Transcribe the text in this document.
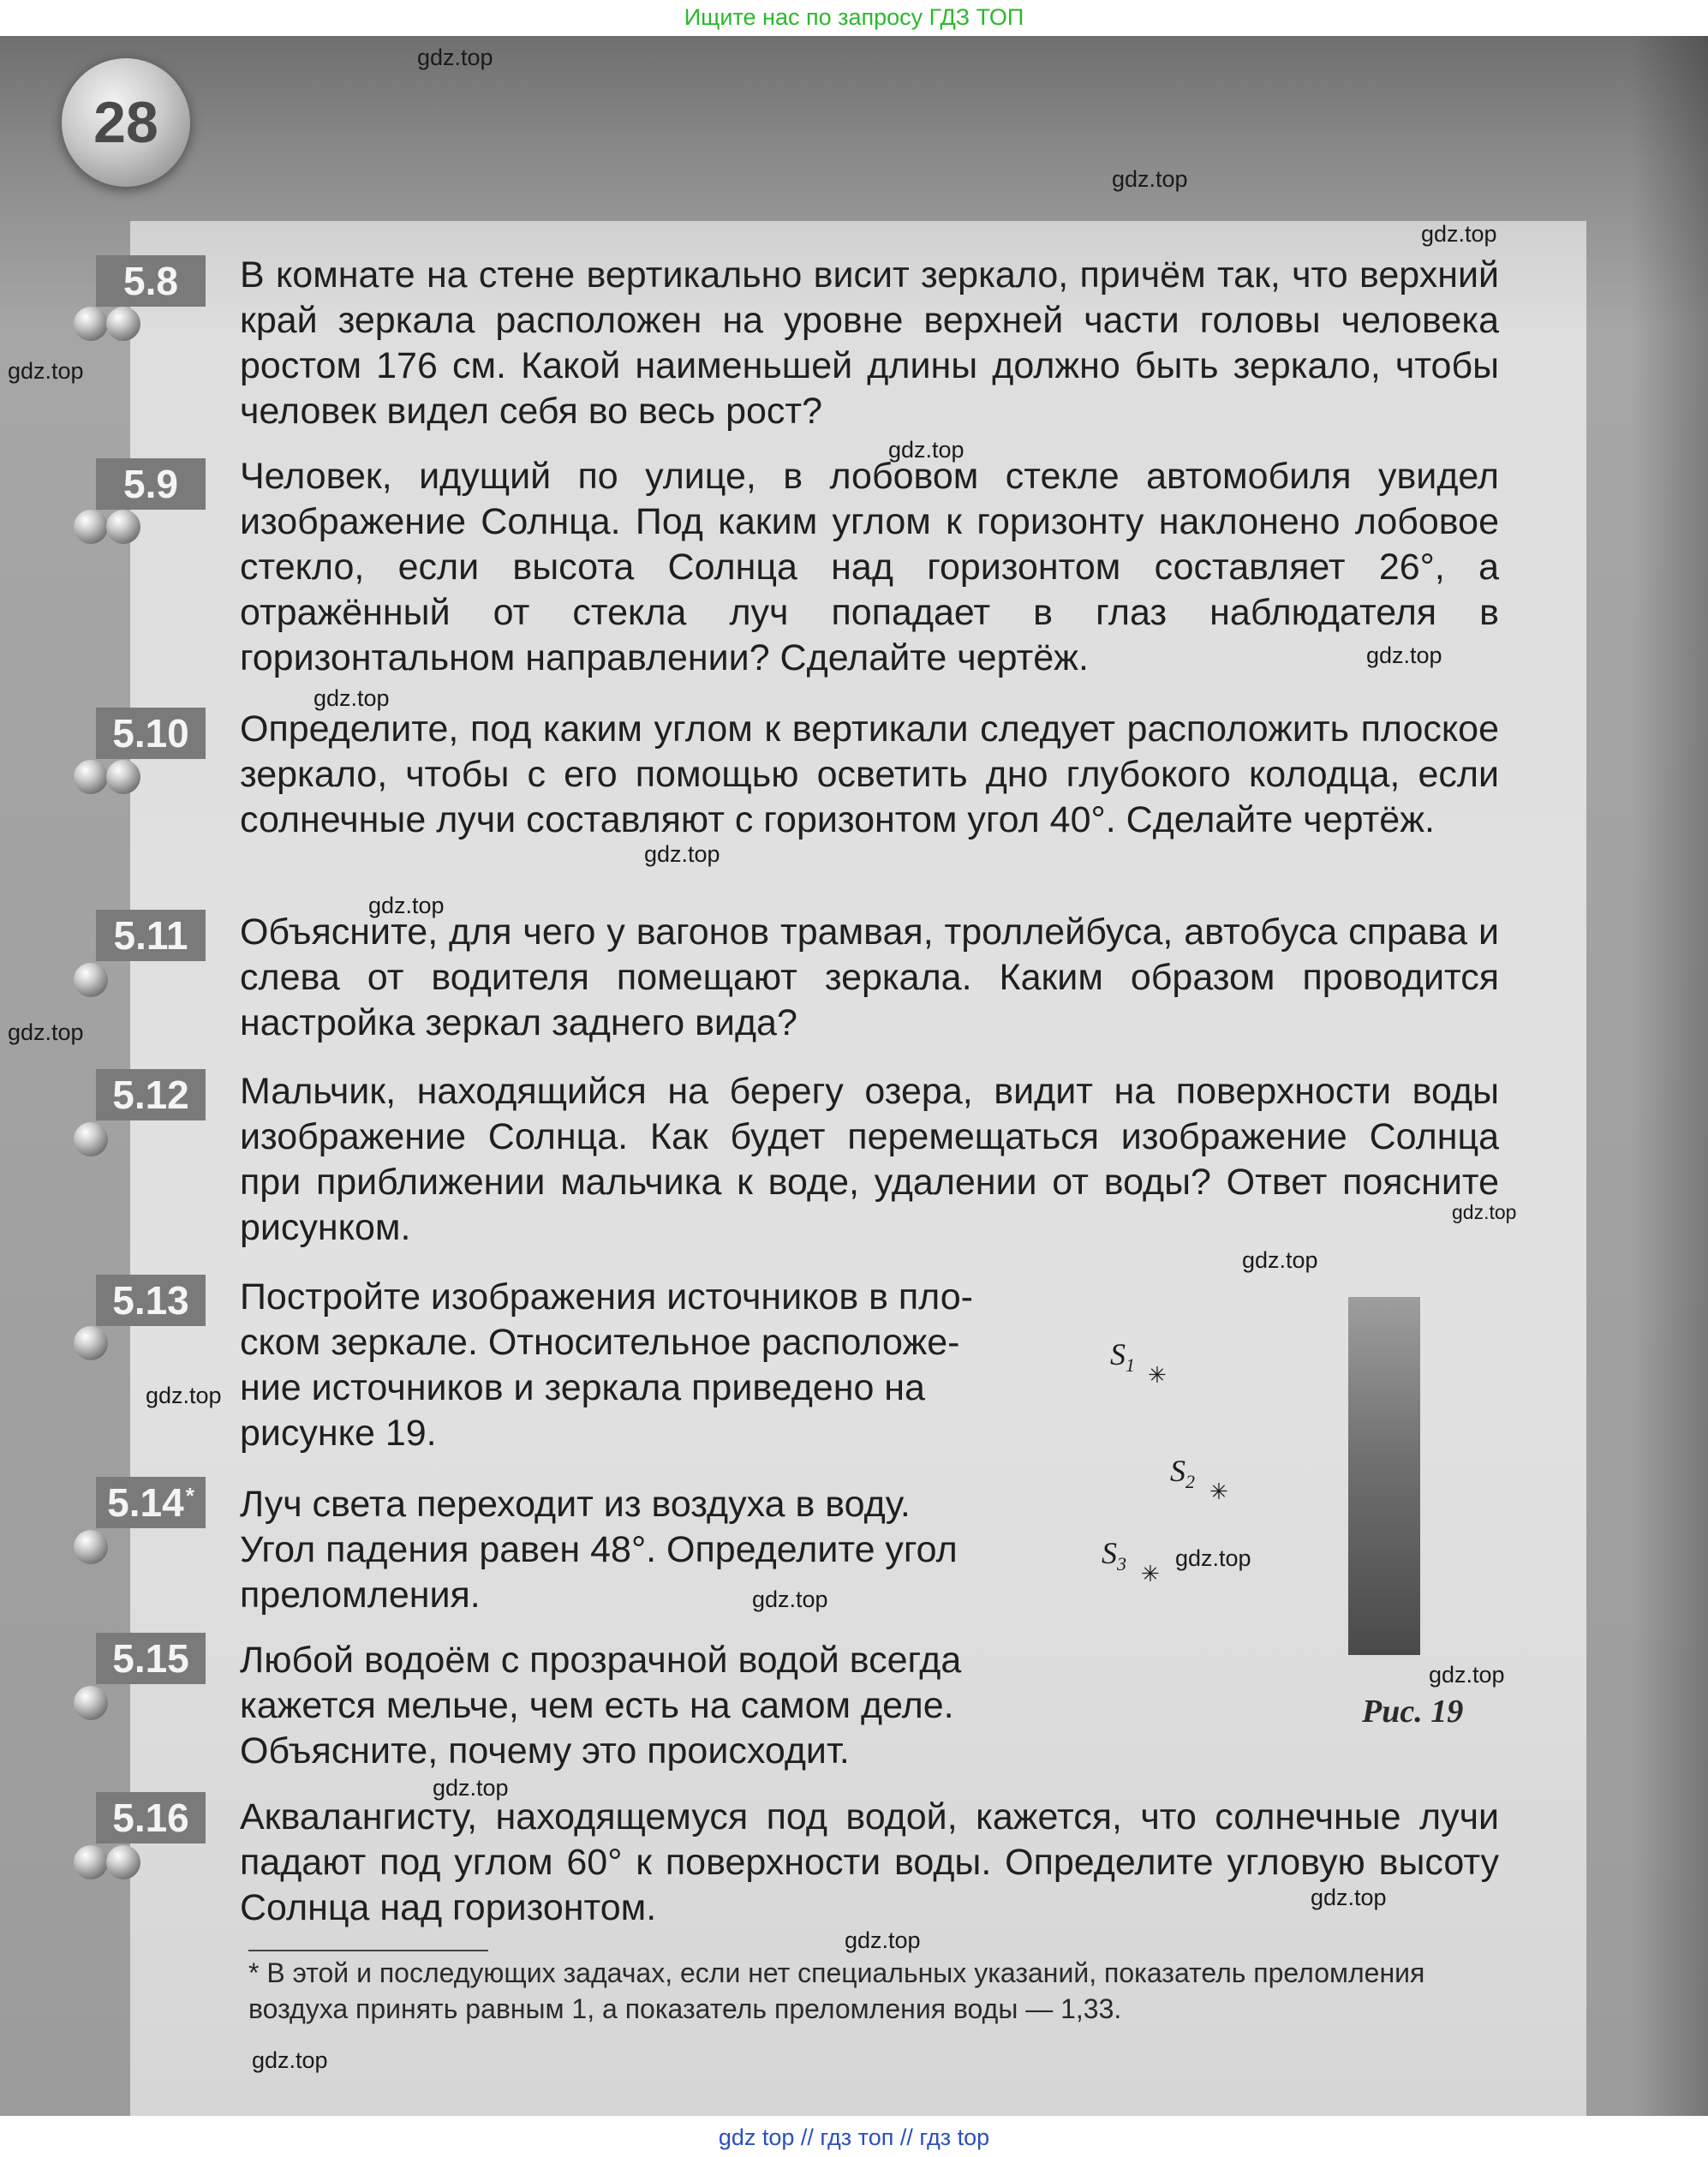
Ищите нас по запросу ГДЗ ТОП
28
5.8	В комнате на стене вертикально висит зеркало, причём так, что верхний край зеркала расположен на уровне верхней части головы человека ростом 176 см. Какой наименьшей длины должно быть зеркало, чтобы человек видел себя во весь рост?
5.9	Человек, идущий по улице, в лобовом стекле автомобиля увидел изображение Солнца. Под каким углом к горизонту наклонено лобовое стекло, если высота Солнца над горизонтом составляет 26°, а отражённый от стекла луч попадает в глаз наблюдателя в горизонтальном направлении? Сделайте чертёж.
5.10	Определите, под каким углом к вертикали следует расположить плоское зеркало, чтобы с его помощью осветить дно глубокого колодца, если солнечные лучи составляют с горизонтом угол 40°. Сделайте чертёж.
5.11	Объясните, для чего у вагонов трамвая, троллейбуса, автобуса справа и слева от водителя помещают зеркала. Каким образом проводится настройка зеркал заднего вида?
5.12	Мальчик, находящийся на берегу озера, видит на поверхности воды изображение Солнца. Как будет перемещаться изображение Солнца при приближении мальчика к воде, удалении от воды? Ответ поясните рисунком.
5.13	Постройте изображения источников в пло-
ском зеркале. Относительное расположе-
ние источников и зеркала приведено на
рисунке 19.
5.14*	Луч света переходит из воздуха в воду.
Угол падения равен 48°. Определите угол
преломления.
5.15	Любой водоём с прозрачной водой всегда
кажется мельче, чем есть на самом деле.
Объясните, почему это происходит.
5.16	Аквалангисту, находящемуся под водой, кажется, что солнечные лучи падают под углом 60° к поверхности воды. Определите угловую высоту Солнца над горизонтом.
$S_1$ ✳
$S_2$ ✳
$S_3$ ✳
Рис. 19
* В этой и последующих задачах, если нет специальных указаний, показатель преломления воздуха принять равным 1, а показатель преломления воды — 1,33.
gdz.top
gdz.top
gdz.top
gdz.top
gdz.top
gdz.top
gdz.top
gdz.top
gdz.top
gdz.top
gdz.top
gdz.top
gdz.top
gdz.top
gdz.top
gdz.top
gdz.top
gdz.top
gdz.top
gdz.top
gdz top // гдз топ // гдз top
